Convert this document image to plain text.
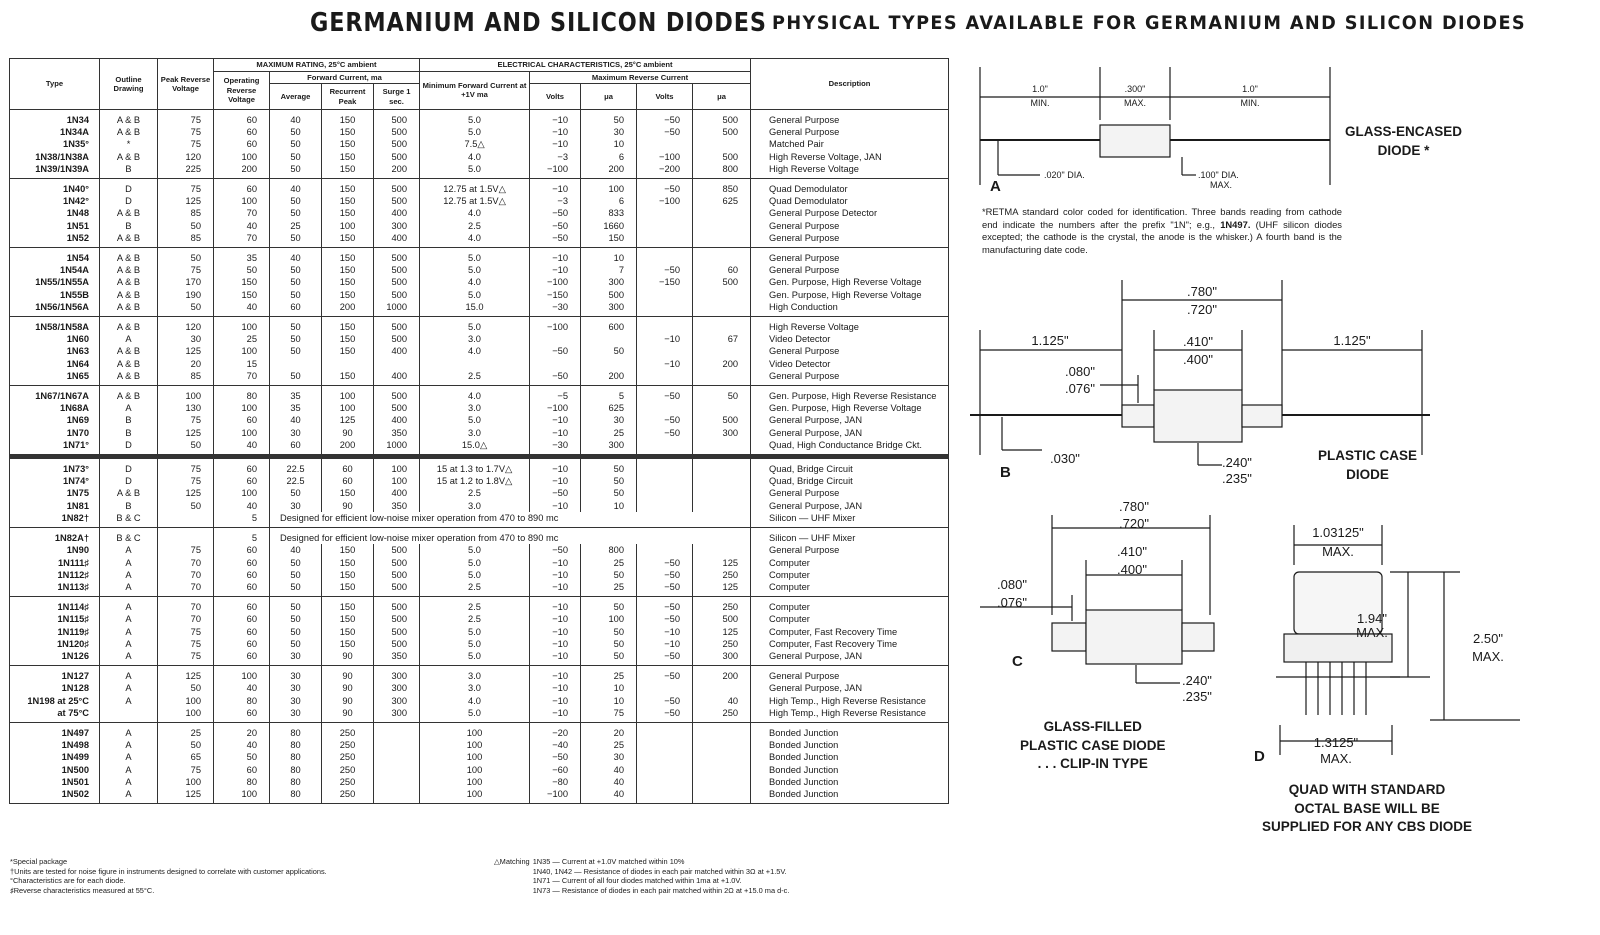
GERMANIUM AND SILICON DIODES PHYSICAL TYPES AVAILABLE FOR GERMANIUM AND SILICON DIODES
Type	Outline Drawing	Peak Reverse Voltage	MAXIMUM RATING, 25°C ambient				ELECTRICAL CHARACTERISTICS, 25°C ambient					Description
			Operating Reverse Voltage	Forward Current, ma			Minimum Forward Current at +1V ma	Maximum Reverse Current				
				Average	Recurrent Peak	Surge 1 sec.		Volts	μa	Volts	μa	
1N34	A & B	75	60	40	150	500	5.0	−10	50	−50	500	General Purpose
1N34A	A & B	75	60	50	150	500	5.0	−10	30	−50	500	General Purpose
1N35°	*	75	60	50	150	500	7.5△	−10	10			Matched Pair
1N38/1N38A	A & B	120	100	50	150	500	4.0	−3	6	−100	500	High Reverse Voltage, JAN
1N39/1N39A	B	225	200	50	150	200	5.0	−100	200	−200	800	High Reverse Voltage
1N40°	D	75	60	40	150	500	12.75 at 1.5V△	−10	100	−50	850	Quad Demodulator
1N42°	D	125	100	50	150	500	12.75 at 1.5V△	−3	6	−100	625	Quad Demodulator
1N48	A & B	85	70	50	150	400	4.0	−50	833			General Purpose Detector
1N51	B	50	40	25	100	300	2.5	−50	1660			General Purpose
1N52	A & B	85	70	50	150	400	4.0	−50	150			General Purpose
1N54	A & B	50	35	40	150	500	5.0	−10	10			General Purpose
1N54A	A & B	75	50	50	150	500	5.0	−10	7	−50	60	General Purpose
1N55/1N55A	A & B	170	150	50	150	500	4.0	−100	300	−150	500	Gen. Purpose, High Reverse Voltage
1N55B	A & B	190	150	50	150	500	5.0	−150	500			Gen. Purpose, High Reverse Voltage
1N56/1N56A	A & B	50	40	60	200	1000	15.0	−30	300			High Conduction
1N58/1N58A	A & B	120	100	50	150	500	5.0	−100	600			High Reverse Voltage
1N60	A	30	25	50	150	500	3.0			−10	67	Video Detector
1N63	A & B	125	100	50	150	400	4.0	−50	50			General Purpose
1N64	A & B	20	15							−10	200	Video Detector
1N65	A & B	85	70	50	150	400	2.5	−50	200			General Purpose
1N67/1N67A	A & B	100	80	35	100	500	4.0	−5	5	−50	50	Gen. Purpose, High Reverse Resistance
1N68A	A	130	100	35	100	500	3.0	−100	625			Gen. Purpose, High Reverse Voltage
1N69	B	75	60	40	125	400	5.0	−10	30	−50	500	General Purpose, JAN
1N70	B	125	100	30	90	350	3.0	−10	25	−50	300	General Purpose, JAN
1N71°	D	50	40	60	200	1000	15.0△	−30	300			Quad, High Conductance Bridge Ckt.
1N73°	D	75	60	22.5	60	100	15 at 1.3 to 1.7V△	−10	50			Quad, Bridge Circuit
1N74°	D	75	60	22.5	60	100	15 at 1.2 to 1.8V△	−10	50			Quad, Bridge Circuit
1N75	A & B	125	100	50	150	400	2.5	−50	50			General Purpose
1N81	B	50	40	30	90	350	3.0	−10	10			General Purpose, JAN
1N82†	B & C		5	Designed for efficient low-noise mixer operation from 470 to 890 mc								Silicon — UHF Mixer
1N82A†	B & C		5	Designed for efficient low-noise mixer operation from 470 to 890 mc								Silicon — UHF Mixer
1N90	A	75	60	40	150	500	5.0	−50	800			General Purpose
1N111♯	A	70	60	50	150	500	5.0	−10	25	−50	125	Computer
1N112♯	A	70	60	50	150	500	5.0	−10	50	−50	250	Computer
1N113♯	A	70	60	50	150	500	2.5	−10	25	−50	125	Computer
1N114♯	A	70	60	50	150	500	2.5	−10	50	−50	250	Computer
1N115♯	A	70	60	50	150	500	2.5	−10	100	−50	500	Computer
1N119♯	A	75	60	50	150	500	5.0	−10	50	−10	125	Computer, Fast Recovery Time
1N120♯	A	75	60	50	150	500	5.0	−10	50	−10	250	Computer, Fast Recovery Time
1N126	A	75	60	30	90	350	5.0	−10	50	−50	300	General Purpose, JAN
1N127	A	125	100	30	90	300	3.0	−10	25	−50	200	General Purpose
1N128	A	50	40	30	90	300	3.0	−10	10			General Purpose, JAN
1N198 at 25°C	A	100	80	30	90	300	4.0	−10	10	−50	40	High Temp., High Reverse Resistance
at 75°C		100	60	30	90	300	5.0	−10	75	−50	250	High Temp., High Reverse Resistance
1N497	A	25	20	80	250		100	−20	20			Bonded Junction
1N498	A	50	40	80	250		100	−40	25			Bonded Junction
1N499	A	65	50	80	250		100	−50	30			Bonded Junction
1N500	A	75	60	80	250		100	−60	40			Bonded Junction
1N501	A	100	80	80	250		100	−80	40			Bonded Junction
1N502	A	125	100	80	250		100	−100	40			Bonded Junction
*Special package
†Units are tested for noise figure in instruments designed to correlate with customer applications.
°Characteristics are for each diode.
♯Reverse characteristics measured at 55°C.
△Matching	1N35 — Current at +1.0V matched within 10%
	1N40, 1N42 — Resistance of diodes in each pair matched within 3Ω at +1.5V.
	1N71 — Current of all four diodes matched within 1ma at +1.0V.
	1N73 — Resistance of diodes in each pair matched within 2Ω at +15.0 ma d-c.
1.0"
MIN.
.300"
MAX.
1.0"
MIN.
.020" DIA.	.100" DIA.
MAX.
A
.780"
.720"
1.125"	1.125"
.410"
.400"
.080"
.076"
.030"	.240"
.235"
B
.780"
.720"
.410"
.400"
.080"
.076"
.240"
.235"
C
1.03125"
MAX.
1.94"
MAX.	2.50"
MAX.
1.3125"
MAX.
D
GLASS-ENCASED
DIODE *
*RETMA standard color coded for identification. Three bands reading from cathode end indicate the numbers after the prefix "1N"; e.g., 1N497. (UHF silicon diodes excepted; the cathode is the crystal, the anode is the whisker.) A fourth band is the manufacturing date code.
PLASTIC CASE
DIODE
GLASS-FILLED
PLASTIC CASE DIODE
. . . CLIP-IN TYPE
QUAD WITH STANDARD
OCTAL BASE WILL BE
SUPPLIED FOR ANY CBS DIODE
